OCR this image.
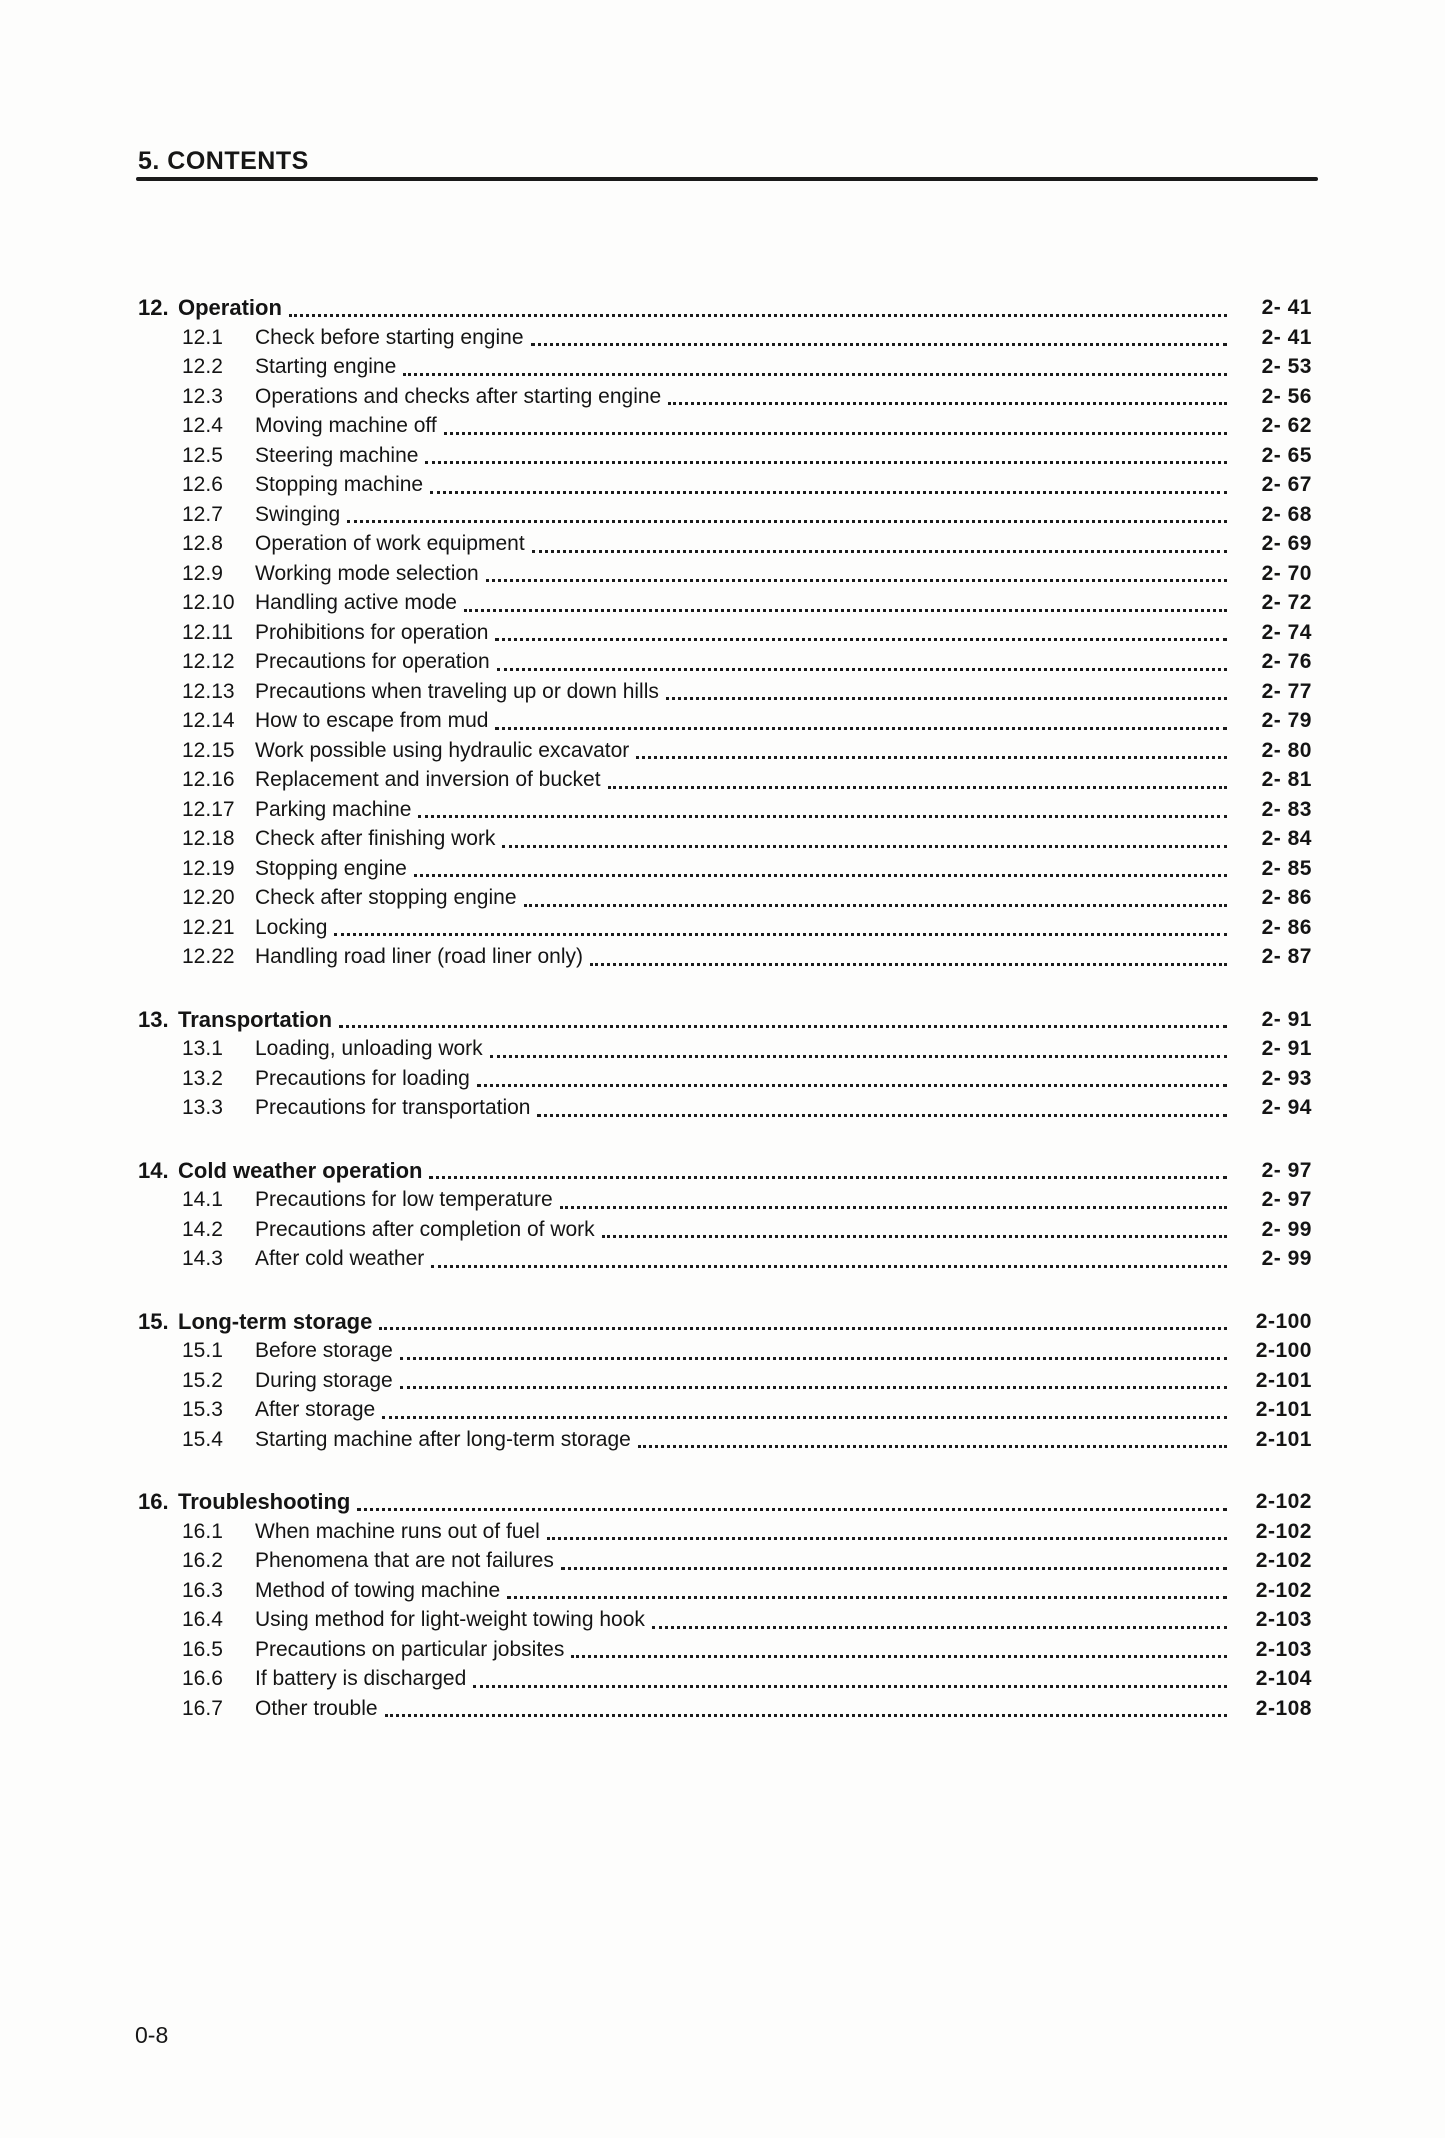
5. CONTENTS
12. Operation	2- 41
12.1	Check before starting engine	2- 41
12.2	Starting engine	2- 53
12.3	Operations and checks after starting engine	2- 56
12.4	Moving machine off	2- 62
12.5	Steering machine	2- 65
12.6	Stopping machine	2- 67
12.7	Swinging	2- 68
12.8	Operation of work equipment	2- 69
12.9	Working mode selection	2- 70
12.10 Handling active mode	2- 72
12.11	Prohibitions for operation	2- 74
12.12 Precautions for operation	2- 76
12.13 Precautions when traveling up or down hills	2- 77
12.14 How to escape from mud	2- 79
12.15 Work possible using hydraulic excavator	2- 80
12.16 Replacement and inversion of bucket	2- 81
12.17 Parking machine	2- 83
12.18 Check after finishing work	2- 84
12.19 Stopping engine	2- 85
12.20 Check after stopping engine	2- 86
12.21 Locking	2- 86
12.22 Handling road liner (road liner only)	2- 87
13. Transportation	2- 91
13.1	Loading, unloading work	2- 91
13.2	Precautions for loading	2- 93
13.3	Precautions for transportation	2- 94
14. Cold weather operation	2- 97
14.1	Precautions for low temperature	2- 97
14.2	Precautions after completion of work	2- 99
14.3	After cold weather	2- 99
15. Long-term storage	2-100
15.1	Before storage	2-100
15.2	During storage	2-101
15.3	After storage	2-101
15.4	Starting machine after long-term storage	2-101
16. Troubleshooting	2-102
16.1	When machine runs out of fuel	2-102
16.2	Phenomena that are not failures	2-102
16.3	Method of towing machine	2-102
16.4	Using method for light-weight towing hook	2-103
16.5	Precautions on particular jobsites	2-103
16.6	If battery is discharged	2-104
16.7	Other trouble	2-108
0-8
